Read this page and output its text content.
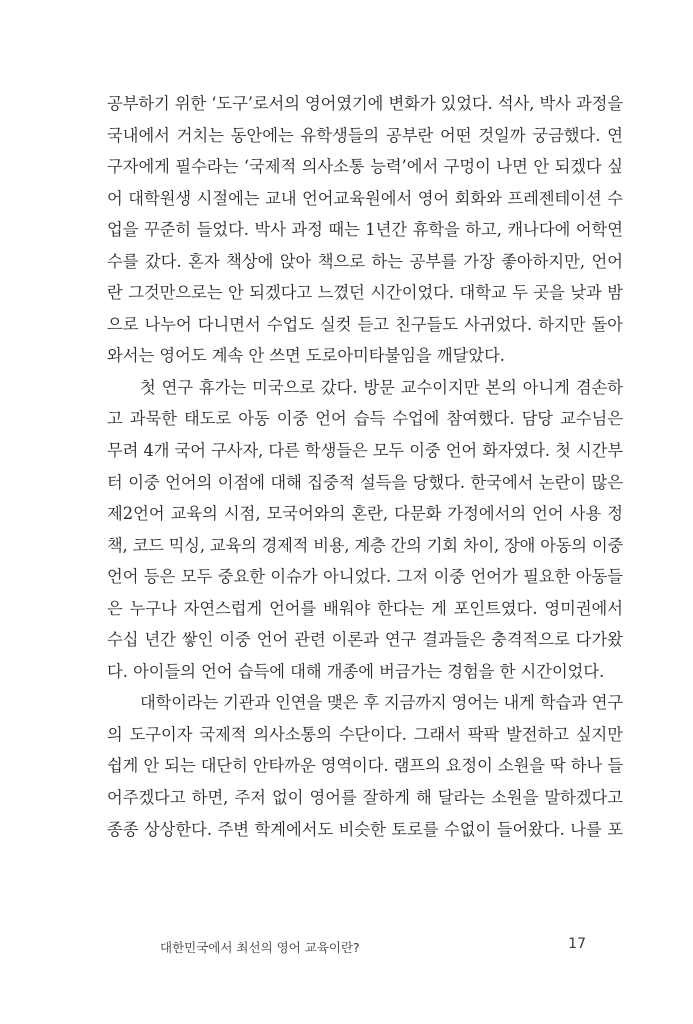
공부하기 위한 ‘도구’로서의 영어였기에 변화가 있었다. 석사, 박사 과정을
국내에서 거치는 동안에는 유학생들의 공부란 어떤 것일까 궁금했다. 연
구자에게 필수라는 ‘국제적 의사소통 능력’에서 구멍이 나면 안 되겠다 싶
어 대학원생 시절에는 교내 언어교육원에서 영어 회화와 프레젠테이션 수
업을 꾸준히 들었다. 박사 과정 때는 1년간 휴학을 하고, 캐나다에 어학연
수를 갔다. 혼자 책상에 앉아 책으로 하는 공부를 가장 좋아하지만, 언어
란 그것만으로는 안 되겠다고 느꼈던 시간이었다. 대학교 두 곳을 낮과 밤
으로 나누어 다니면서 수업도 실컷 듣고 친구들도 사귀었다. 하지만 돌아
와서는 영어도 계속 안 쓰면 도로아미타불임을 깨달았다.
첫 연구 휴가는 미국으로 갔다. 방문 교수이지만 본의 아니게 겸손하
고 과묵한 태도로 아동 이중 언어 습득 수업에 참여했다. 담당 교수님은
무려 4개 국어 구사자, 다른 학생들은 모두 이중 언어 화자였다. 첫 시간부
터 이중 언어의 이점에 대해 집중적 설득을 당했다. 한국에서 논란이 많은
제2언어 교육의 시점, 모국어와의 혼란, 다문화 가정에서의 언어 사용 정
책, 코드 믹싱, 교육의 경제적 비용, 계층 간의 기회 차이, 장애 아동의 이중
언어 등은 모두 중요한 이슈가 아니었다. 그저 이중 언어가 필요한 아동들
은 누구나 자연스럽게 언어를 배워야 한다는 게 포인트였다. 영미권에서
수십 년간 쌓인 이중 언어 관련 이론과 연구 결과들은 충격적으로 다가왔
다. 아이들의 언어 습득에 대해 개종에 버금가는 경험을 한 시간이었다.
대학이라는 기관과 인연을 맺은 후 지금까지 영어는 내게 학습과 연구
의 도구이자 국제적 의사소통의 수단이다. 그래서 팍팍 발전하고 싶지만
쉽게 안 되는 대단히 안타까운 영역이다. 램프의 요정이 소원을 딱 하나 들
어주겠다고 하면, 주저 없이 영어를 잘하게 해 달라는 소원을 말하겠다고
종종 상상한다. 주변 학계에서도 비슷한 토로를 수없이 들어왔다. 나를 포
대한민국에서 최선의 영어 교육이란?	17
